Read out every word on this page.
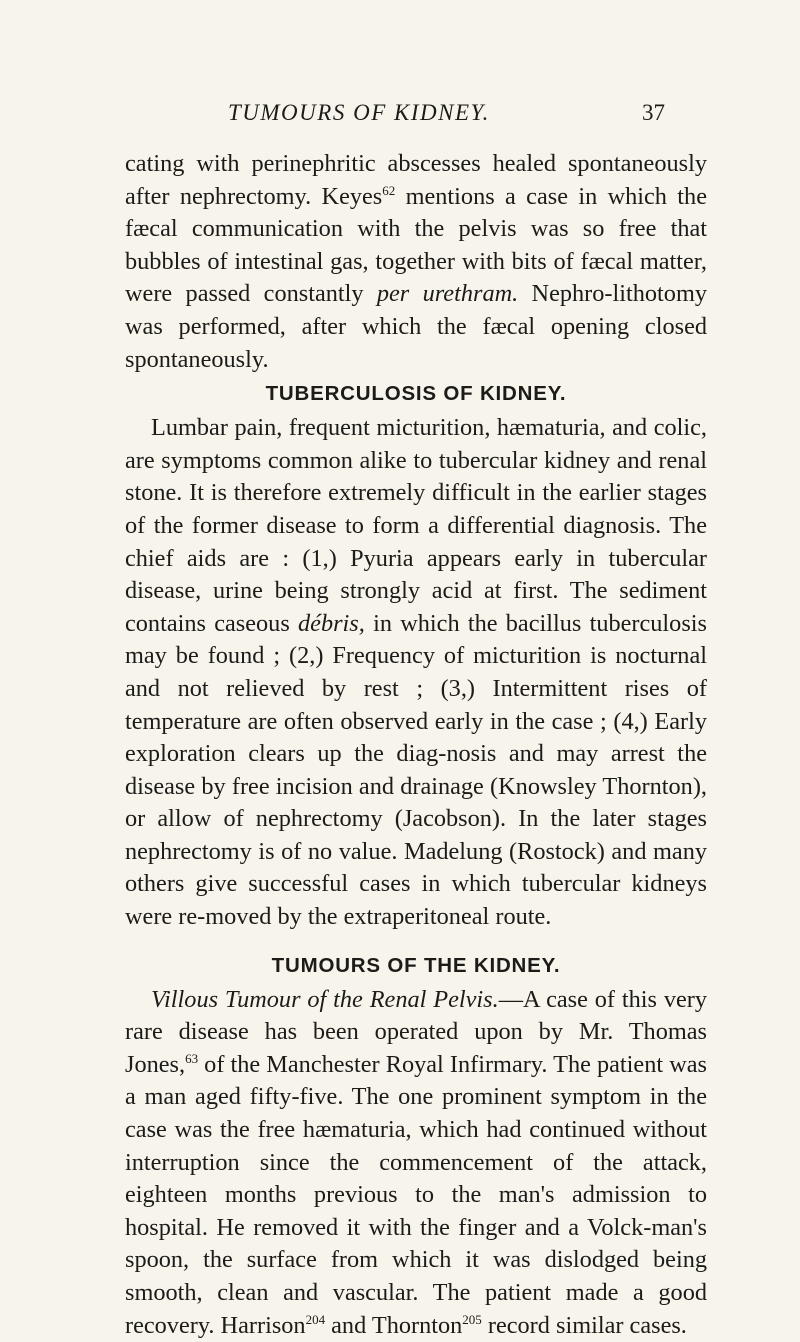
TUMOURS OF KIDNEY.	37

cating with perinephritic abscesses healed spontaneously after nephrectomy. Keyes$^{62}$ mentions a case in which the fæcal communication with the pelvis was so free that bubbles of intestinal gas, together with bits of fæcal matter, were passed constantly per urethram. Nephro-lithotomy was performed, after which the fæcal opening closed spontaneously.

TUBERCULOSIS OF KIDNEY.

Lumbar pain, frequent micturition, hæmaturia, and colic, are symptoms common alike to tubercular kidney and renal stone. It is therefore extremely difficult in the earlier stages of the former disease to form a differential diagnosis. The chief aids are : (1,) Pyuria appears early in tubercular disease, urine being strongly acid at first. The sediment contains caseous débris, in which the bacillus tuberculosis may be found ; (2,) Frequency of micturition is nocturnal and not relieved by rest ; (3,) Intermittent rises of temperature are often observed early in the case ; (4,) Early exploration clears up the diag-nosis and may arrest the disease by free incision and drainage (Knowsley Thornton), or allow of nephrectomy (Jacobson). In the later stages nephrectomy is of no value. Madelung (Rostock) and many others give successful cases in which tubercular kidneys were re-moved by the extraperitoneal route.

TUMOURS OF THE KIDNEY.

Villous Tumour of the Renal Pelvis.—A case of this very rare disease has been operated upon by Mr. Thomas Jones,$^{63}$ of the Manchester Royal Infirmary. The patient was a man aged fifty-five. The one prominent symptom in the case was the free hæmaturia, which had continued without interruption since the commencement of the attack, eighteen months previous to the man's admission to hospital. He removed it with the finger and a Volck-man's spoon, the surface from which it was dislodged being smooth, clean and vascular. The patient made a good recovery. Harrison$^{204}$ and Thornton$^{205}$ record similar cases.
